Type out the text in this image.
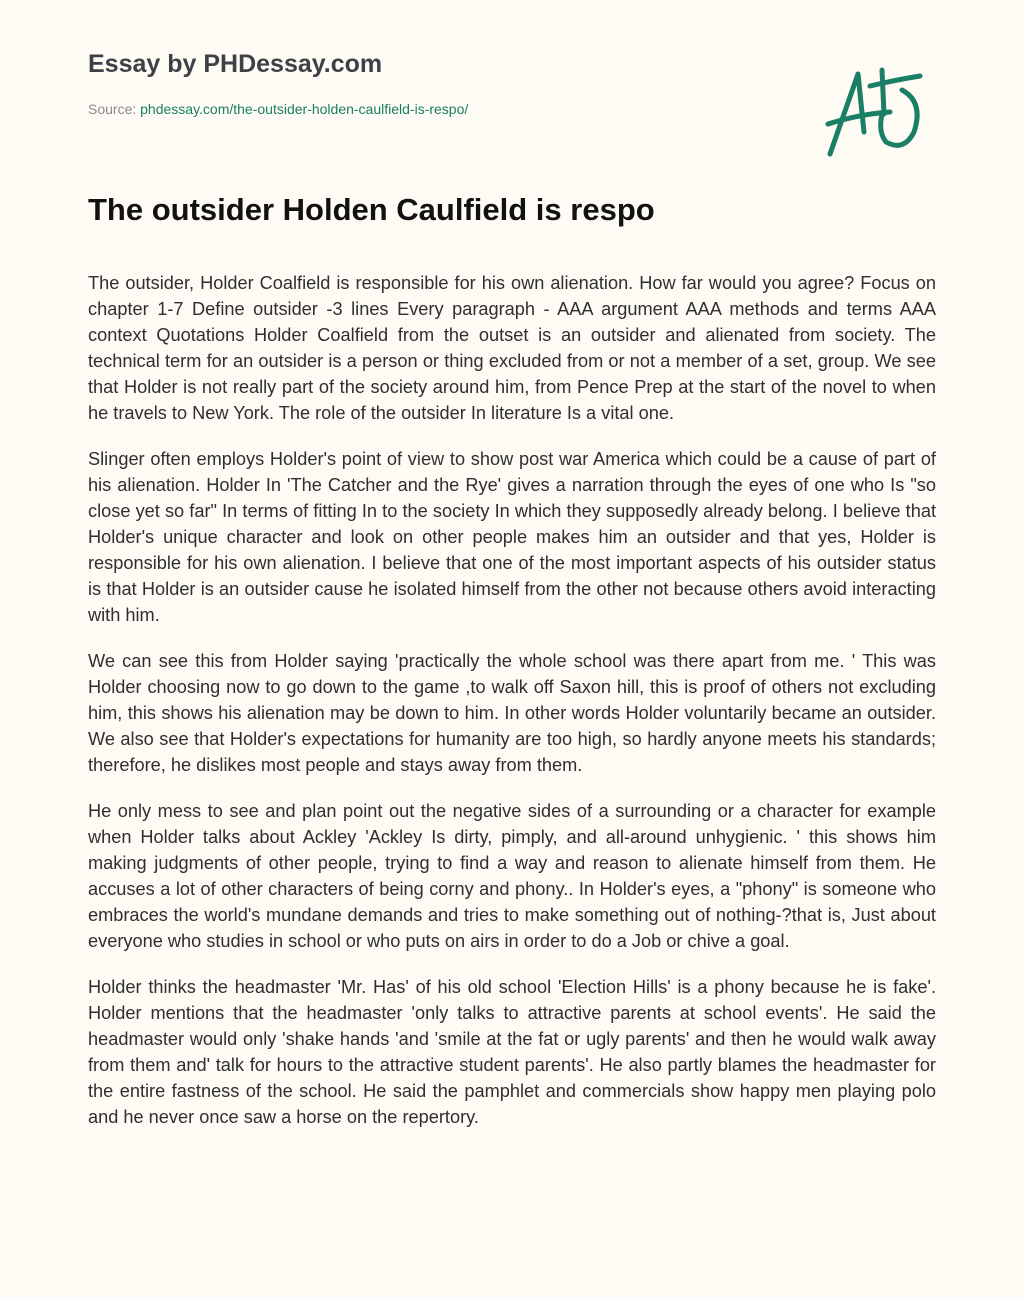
Essay by PHDessay.com
Source: phdessay.com/the-outsider-holden-caulfield-is-respo/
The outsider Holden Caulfield is respo

The outsider, Holder Coalfield is responsible for his own alienation. How far would you agree? Focus on chapter 1-7 Define outsider -3 lines Every paragraph - AAA argument AAA methods and terms AAA context Quotations Holder Coalfield from the outset is an outsider and alienated from society. The technical term for an outsider is a person or thing excluded from or not a member of a set, group. We see that Holder is not really part of the society around him, from Pence Prep at the start of the novel to when he travels to New York. The role of the outsider In literature Is a vital one.

Slinger often employs Holder's point of view to show post war America which could be a cause of part of his alienation. Holder In 'The Catcher and the Rye' gives a narration through the eyes of one who Is "so close yet so far" In terms of fitting In to the society In which they supposedly already belong. I believe that Holder's unique character and look on other people makes him an outsider and that yes, Holder is responsible for his own alienation. I believe that one of the most important aspects of his outsider status is that Holder is an outsider cause he isolated himself from the other not because others avoid interacting with him.

We can see this from Holder saying 'practically the whole school was there apart from me. ' This was Holder choosing now to go down to the game ,to walk off Saxon hill, this is proof of others not excluding him, this shows his alienation may be down to him. In other words Holder voluntarily became an outsider. We also see that Holder's expectations for humanity are too high, so hardly anyone meets his standards; therefore, he dislikes most people and stays away from them.

He only mess to see and plan point out the negative sides of a surrounding or a character for example when Holder talks about Ackley 'Ackley Is dirty, pimply, and all-around unhygienic. ' this shows him making judgments of other people, trying to find a way and reason to alienate himself from them. He accuses a lot of other characters of being corny and phony.. In Holder's eyes, a "phony" is someone who embraces the world's mundane demands and tries to make something out of nothing-?that is, Just about everyone who studies in school or who puts on airs in order to do a Job or chive a goal.

Holder thinks the headmaster 'Mr. Has' of his old school 'Election Hills' is a phony because he is fake'. Holder mentions that the headmaster 'only talks to attractive parents at school events'. He said the headmaster would only 'shake hands 'and 'smile at the fat or ugly parents' and then he would walk away from them and' talk for hours to the attractive student parents'. He also partly blames the headmaster for the entire fastness of the school. He said the pamphlet and commercials show happy men playing polo and he never once saw a horse on the repertory.
